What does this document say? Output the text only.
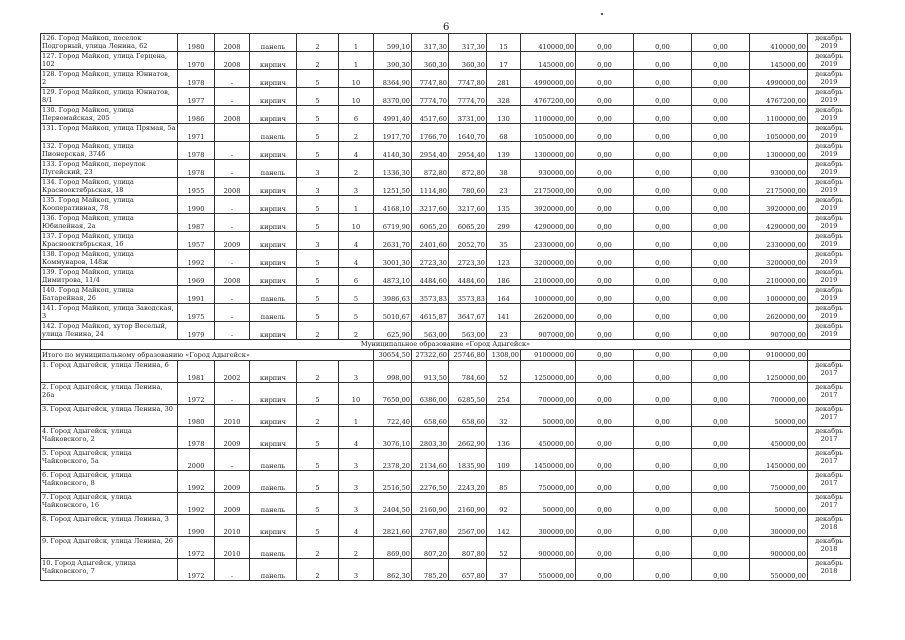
6
126. Город Майкоп, поселок Подгорный, улица Ленина, 62	1980	2008	панель	2	1	599,10	317,30	317,30	15	410000,00	0,00	0,00	0,00	410000,00	декабрь 2019
127. Город Майкоп, улица Герцена, 102	1970	2008	кирпич	2	1	390,30	360,30	360,30	17	145000,00	0,00	0,00	0,00	145000,00	декабрь 2019
128. Город Майкоп, улица Юннатов, 2	1978	-	кирпич	5	10	8364,90	7747,80	7747,80	281	4990000,00	0,00	0,00	0,00	4990000,00	декабрь 2019
129. Город Майкоп, улица Юннатов, 8/1	1977	-	кирпич	5	10	8370,00	7774,70	7774,70	328	4767200,00	0,00	0,00	0,00	4767200,00	декабрь 2019
130. Город Майкоп, улица Первомайская, 205	1986	2008	кирпич	5	6	4991,40	4517,60	3731,00	130	1100000,00	0,00	0,00	0,00	1100000,00	декабрь 2019
131. Город Майкоп, улица Прямая, 5а	1971		панель	5	2	1917,70	1766,70	1640,70	68	1050000,00	0,00	0,00	0,00	1050000,00	декабрь 2019
132. Город Майкоп, улица Пионерская, 374б	1978	-	кирпич	5	4	4140,30	2954,40	2954,40	139	1300000,00	0,00	0,00	0,00	1300000,00	декабрь 2019
133. Город Майкоп, переулок Пугейский, 23	1978	-	панель	3	2	1336,30	872,80	872,80	38	930000,00	0,00	0,00	0,00	930000,00	декабрь 2019
134. Город Майкоп, улица Краснооктябрьская, 18	1955	2008	кирпич	3	3	1251,50	1114,80	780,60	23	2175000,00	0,00	0,00	0,00	2175000,00	декабрь 2019
135. Город Майкоп, улица Кооперативная, 78	1990	-	кирпич	5	1	4168,10	3217,60	3217,60	135	3920000,00	0,00	0,00	0,00	3920000,00	декабрь 2019
136. Город Майкоп, улица Юбилейная, 2а	1987	-	кирпич	5	10	6719,90	6065,20	6065,20	299	4290000,00	0,00	0,00	0,00	4290000,00	декабрь 2019
137. Город Майкоп, улица Краснооктябрьская, 16	1957	2009	кирпич	3	4	2631,70	2401,60	2052,70	35	2330000,00	0,00	0,00	0,00	2330000,00	декабрь 2019
138. Город Майкоп, улица Коммунаров, 148ж	1992	-	кирпич	5	4	3001,30	2723,30	2723,30	123	3200000,00	0,00	0,00	0,00	3200000,00	декабрь 2019
139. Город Майкоп, улица Димитрова, 11/4	1969	2008	кирпич	5	6	4873,10	4484,60	4484,60	186	2100000,00	0,00	0,00	0,00	2100000,00	декабрь 2019
140. Город Майкоп, улица Батарейная, 26	1991	-	панель	5	5	3986,63	3573,83	3573,83	164	1000000,00	0,00	0,00	0,00	1000000,00	декабрь 2019
141. Город Майкоп, улица Заводская, 3	1975	-	панель	5	5	5010,67	4615,87	3647,67	141	2620000,00	0,00	0,00	0,00	2620000,00	декабрь 2019
142. Город Майкоп, хутор Веселый, улица Ленина, 24	1979	-	кирпич	2	2	625,90	563,00	563,00	23	907000,00	0,00	0,00	0,00	907000,00	декабрь 2019
Муниципальное образование «Город Адыгейск»															
Итого по муниципальному образованию «Город Адыгейск»						30654,50	27322,60	25746,80	1308,00	9100000,00	0,00	0,00	0,00	9100000,00	
1. Город Адыгейск, улица Ленина, 6	1981	2002	кирпич	2	3	998,00	913,50	784,60	52	1250000,00	0,00	0,00	0,00	1250000,00	декабрь 2017
2. Город Адыгейск, улица Ленина, 26а	1972	-	кирпич	5	10	7650,00	6386,00	6285,50	254	700000,00	0,00	0,00	0,00	700000,00	декабрь 2017
3. Город Адыгейск, улица Ленина, 30	1980	2010	кирпич	2	1	722,40	658,60	658,60	32	50000,00	0,00	0,00	0,00	50000,00	декабрь 2017
4. Город Адыгейск, улица Чайковского, 2	1978	2009	кирпич	5	4	3076,10	2803,30	2662,90	136	450000,00	0,00	0,00	0,00	450000,00	декабрь 2017
5. Город Адыгейск, улица Чайковского, 5а	2000	-	панель	5	3	2378,20	2134,60	1835,90	109	1450000,00	0,00	0,00	0,00	1450000,00	декабрь 2017
6. Город Адыгейск, улица Чайковского, 8	1992	2009	панель	5	3	2516,50	2276,50	2243,20	85	750000,00	0,00	0,00	0,00	750000,00	декабрь 2017
7. Город Адыгейск, улица Чайковского, 16	1992	2009	панель	5	3	2404,50	2160,90	2160,90	92	50000,00	0,00	0,00	0,00	50000,00	декабрь 2017
8. Город Адыгейск, улица Ленина, 3	1990	2010	кирпич	5	4	2821,60	2767,80	2567,00	142	300000,00	0,00	0,00	0,00	300000,00	декабрь 2018
9. Город Адыгейск, улица Ленина, 26	1972	2010	панель	2	2	869,00	807,20	807,80	52	900000,00	0,00	0,00	0,00	900000,00	декабрь 2018
10. Город Адыгейск, улица Чайковского, 7	1972	-	панель	2	3	862,30	785,20	657,80	37	550000,00	0,00	0,00	0,00	550000,00	декабрь 2018
